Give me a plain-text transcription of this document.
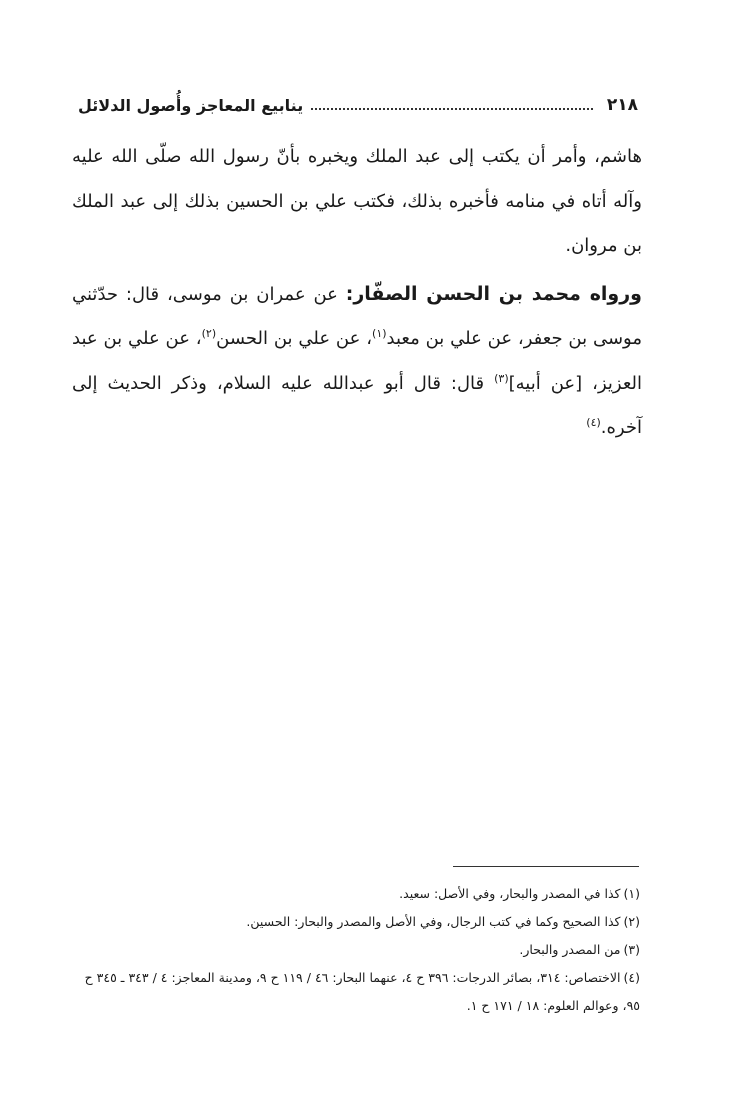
٢١٨
ينابيع المعاجز وأُصول الدلائل

هاشم، وأمر أن يكتب إلى عبد الملك ويخبره بأنّ رسول الله صلّى الله عليه وآله أتاه في منامه فأخبره بذلك، فكتب علي بن الحسين بذلك إلى عبد الملك بن مروان.

ورواه محمد بن الحسن الصفّار: عن عمران بن موسى، قال: حدّثني موسى بن جعفر، عن علي بن معبد$^{(١)}$، عن علي بن الحسن$^{(٢)}$، عن علي بن عبد العزيز، [عن أبيه]$^{(٣)}$ قال: قال أبو عبدالله عليه السلام، وذكر الحديث إلى آخره.$^{(٤)}$

(١)كذا في المصدر والبحار، وفي الأصل: سعيد.

(٢)كذا الصحيح وكما في كتب الرجال، وفي الأصل والمصدر والبحار: الحسين.

(٣)من المصدر والبحار.

(٤)الاختصاص: ٣١٤، بصائر الدرجات: ٣٩٦ ح ٤، عنهما البحار: ٤٦ / ١١٩ ح ٩، ومدينة المعاجز: ٤ / ٣٤٣ ـ ٣٤٥ ح ٩٥، وعوالم العلوم: ١٨ / ١٧١ ح ١.
